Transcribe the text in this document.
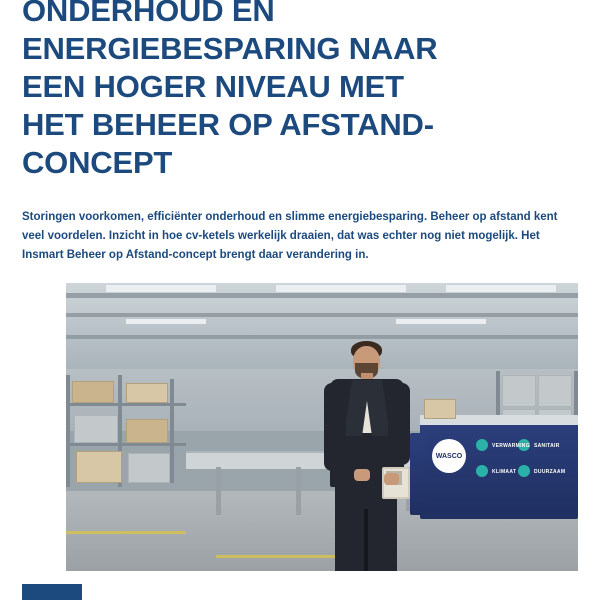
ONDERHOUD EN
ENERGIEBESPARING NAAR
EEN HOGER NIVEAU MET
HET BEHEER OP AFSTAND-
CONCEPT

Storingen voorkomen, efficiënter onderhoud en slimme energiebesparing. Beheer op afstand kent veel voordelen. Inzicht in hoe cv-ketels werkelijk draaien, dat was echter nog niet mogelijk. Het Insmart Beheer op Afstand-concept brengt daar verandering in.

WASCO
VERWARMING SANITAIR
KLIMAAT	DUURZAAM
